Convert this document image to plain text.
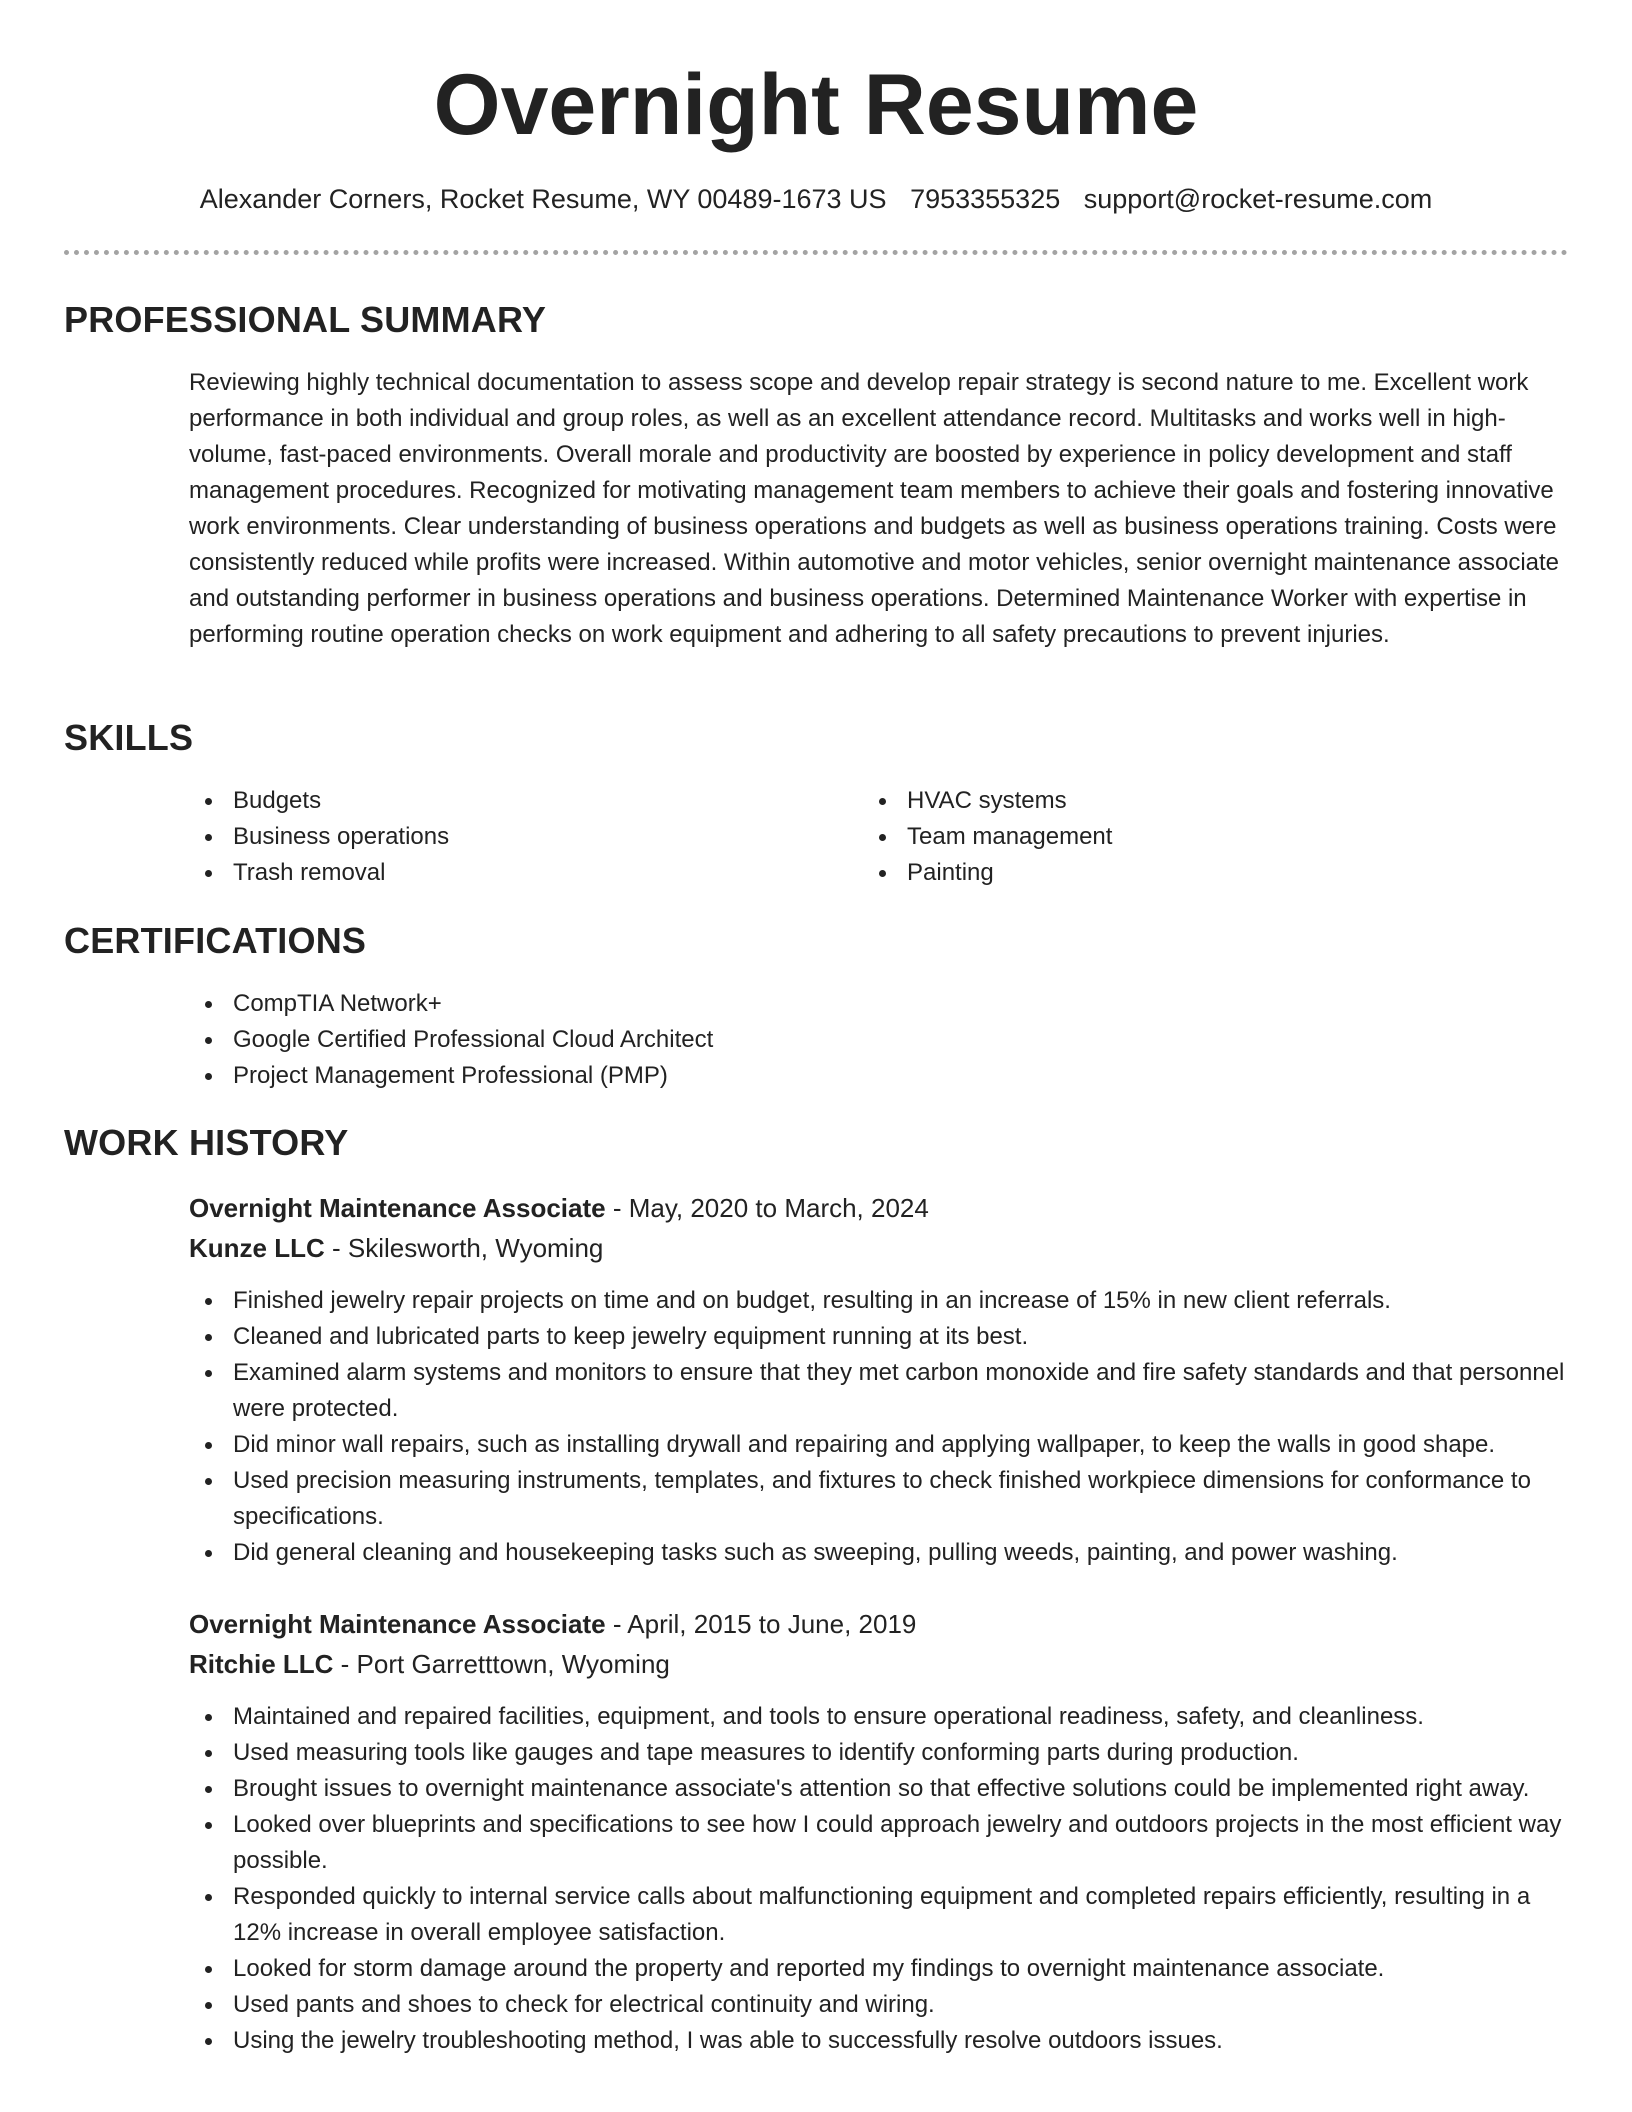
Overnight Resume
Alexander Corners, Rocket Resume, WY 00489-1673 US 7953355325 support@rocket-resume.com
PROFESSIONAL SUMMARY

Reviewing highly technical documentation to assess scope and develop repair strategy is second nature to me. Excellent work performance in both individual and group roles, as well as an excellent attendance record. Multitasks and works well in high-volume, fast-paced environments. Overall morale and productivity are boosted by experience in policy development and staff management procedures. Recognized for motivating management team members to achieve their goals and fostering innovative work environments. Clear understanding of business operations and budgets as well as business operations training. Costs were consistently reduced while profits were increased. Within automotive and motor vehicles, senior overnight maintenance associate and outstanding performer in business operations and business operations. Determined Maintenance Worker with expertise in performing routine operation checks on work equipment and adhering to all safety precautions to prevent injuries.

SKILLS
Budgets
Business operations
Trash removal
HVAC systems
Team management
Painting
CERTIFICATIONS
CompTIA Network+
Google Certified Professional Cloud Architect
Project Management Professional (PMP)
WORK HISTORY
Overnight Maintenance Associate - May, 2020 to March, 2024
Kunze LLC - Skilesworth, Wyoming
Finished jewelry repair projects on time and on budget, resulting in an increase of 15% in new client referrals.
Cleaned and lubricated parts to keep jewelry equipment running at its best.
Examined alarm systems and monitors to ensure that they met carbon monoxide and fire safety standards and that personnel were protected.
Did minor wall repairs, such as installing drywall and repairing and applying wallpaper, to keep the walls in good shape.
Used precision measuring instruments, templates, and fixtures to check finished workpiece dimensions for conformance to specifications.
Did general cleaning and housekeeping tasks such as sweeping, pulling weeds, painting, and power washing.
Overnight Maintenance Associate - April, 2015 to June, 2019
Ritchie LLC - Port Garretttown, Wyoming
Maintained and repaired facilities, equipment, and tools to ensure operational readiness, safety, and cleanliness.
Used measuring tools like gauges and tape measures to identify conforming parts during production.
Brought issues to overnight maintenance associate's attention so that effective solutions could be implemented right away.
Looked over blueprints and specifications to see how I could approach jewelry and outdoors projects in the most efficient way possible.
Responded quickly to internal service calls about malfunctioning equipment and completed repairs efficiently, resulting in a 12% increase in overall employee satisfaction.
Looked for storm damage around the property and reported my findings to overnight maintenance associate.
Used pants and shoes to check for electrical continuity and wiring.
Using the jewelry troubleshooting method, I was able to successfully resolve outdoors issues.
